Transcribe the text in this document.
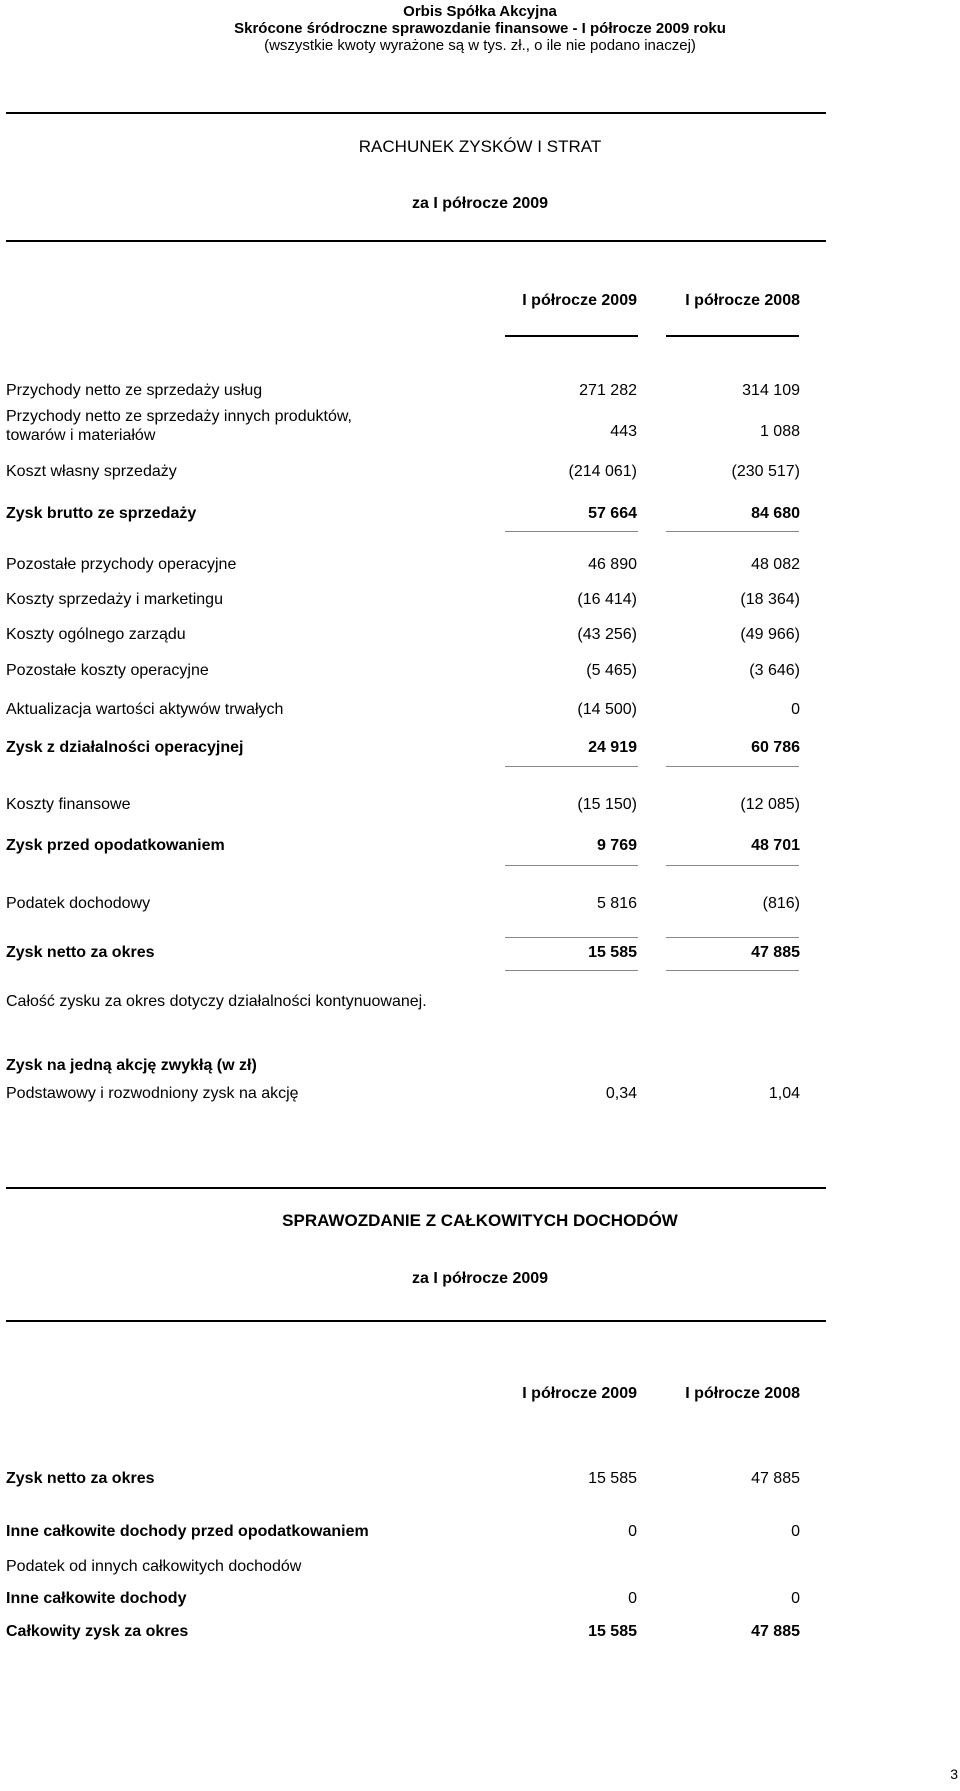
Orbis Spółka Akcyjna
Skrócone śródroczne sprawozdanie finansowe - I półrocze 2009 roku
(wszystkie kwoty wyrażone są w tys. zł., o ile nie podano inaczej)
RACHUNEK ZYSKÓW I STRAT
za I półrocze 2009
I półrocze 2009	I półrocze 2008
Przychody netto ze sprzedaży usług	271 282	314 109
Przychody netto ze sprzedaży innych produktów,
towarów i materiałów	443	1 088
Koszt własny sprzedaży	(214 061)	(230 517)
Zysk brutto ze sprzedaży	57 664	84 680
Pozostałe przychody operacyjne	46 890	48 082
Koszty sprzedaży i marketingu	(16 414)	(18 364)
Koszty ogólnego zarządu	(43 256)	(49 966)
Pozostałe koszty operacyjne	(5 465)	(3 646)
Aktualizacja wartości aktywów trwałych	(14 500)	0
Zysk z działalności operacyjnej	24 919	60 786
Koszty finansowe	(15 150)	(12 085)
Zysk przed opodatkowaniem	9 769	48 701
Podatek dochodowy	5 816	(816)
Zysk netto za okres	15 585	47 885
Całość zysku za okres dotyczy działalności kontynuowanej.
Zysk na jedną akcję zwykłą (w zł)
Podstawowy i rozwodniony zysk na akcję	0,34	1,04
SPRAWOZDANIE Z CAŁKOWITYCH DOCHODÓW
za I półrocze 2009
I półrocze 2009	I półrocze 2008
Zysk netto za okres	15 585	47 885
Inne całkowite dochody przed opodatkowaniem	0	0
Podatek od innych całkowitych dochodów
Inne całkowite dochody	0	0
Całkowity zysk za okres	15 585	47 885
3
